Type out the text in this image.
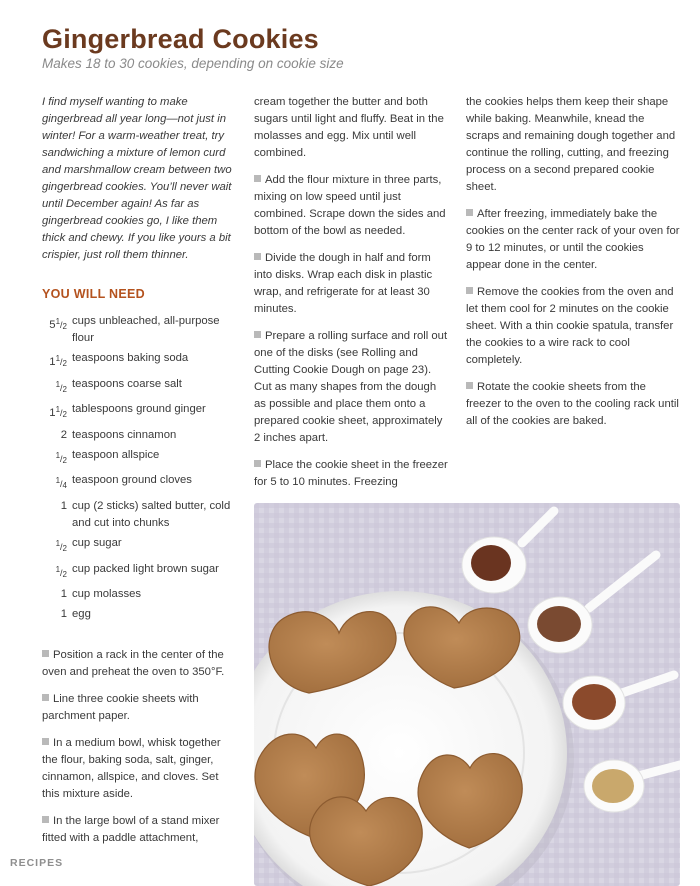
Gingerbread Cookies
Makes 18 to 30 cookies, depending on cookie size

I find myself wanting to make gingerbread all year long—not just in winter! For a warm-weather treat, try sandwiching a mixture of lemon curd and marshmallow cream between two gingerbread cookies. You’ll never wait until December again! As far as gingerbread cookies go, I like them thick and chewy. If you like yours a bit crispier, just roll them thinner.

YOU WILL NEED
$5^1/2$ cups unbleached, all-purpose flour
$1^1/2$ teaspoons baking soda
$^1$/2 teaspoons coarse salt
$1^1/2$ tablespoons ground ginger
2 teaspoons cinnamon
$^1$/2 teaspoon allspice
$^1$/4 teaspoon ground cloves
1 cup (2 sticks) salted butter, cold and cut into chunks
$^1$/2 cup sugar
$^1$/2 cup packed light brown sugar
1 cup molasses
1 egg

Position a rack in the center of the oven and preheat the oven to 350°F.

Line three cookie sheets with parchment paper.

In a medium bowl, whisk together the flour, baking soda, salt, ginger, cinnamon, allspice, and cloves. Set this mixture aside.

In the large bowl of a stand mixer fitted with a paddle attachment,

cream together the butter and both sugars until light and fluffy. Beat in the molasses and egg. Mix until well combined.

Add the flour mixture in three parts, mixing on low speed until just combined. Scrape down the sides and bottom of the bowl as needed.

Divide the dough in half and form into disks. Wrap each disk in plastic wrap, and refrigerate for at least 30 minutes.

Prepare a rolling surface and roll out one of the disks (see Rolling and Cutting Cookie Dough on page 23). Cut as many shapes from the dough as possible and place them onto a prepared cookie sheet, approximately 2 inches apart.

Place the cookie sheet in the freezer for 5 to 10 minutes. Freezing

the cookies helps them keep their shape while baking. Meanwhile, knead the scraps and remaining dough together and continue the rolling, cutting, and freezing process on a second prepared cookie sheet.

After freezing, immediately bake the cookies on the center rack of your oven for 9 to 12 minutes, or until the cookies appear done in the center.

Remove the cookies from the oven and let them cool for 2 minutes on the cookie sheet. With a thin cookie spatula, transfer the cookies to a wire rack to cool completely.

Rotate the cookie sheets from the freezer to the oven to the cooling rack until all of the cookies are baked.

RECIPES
